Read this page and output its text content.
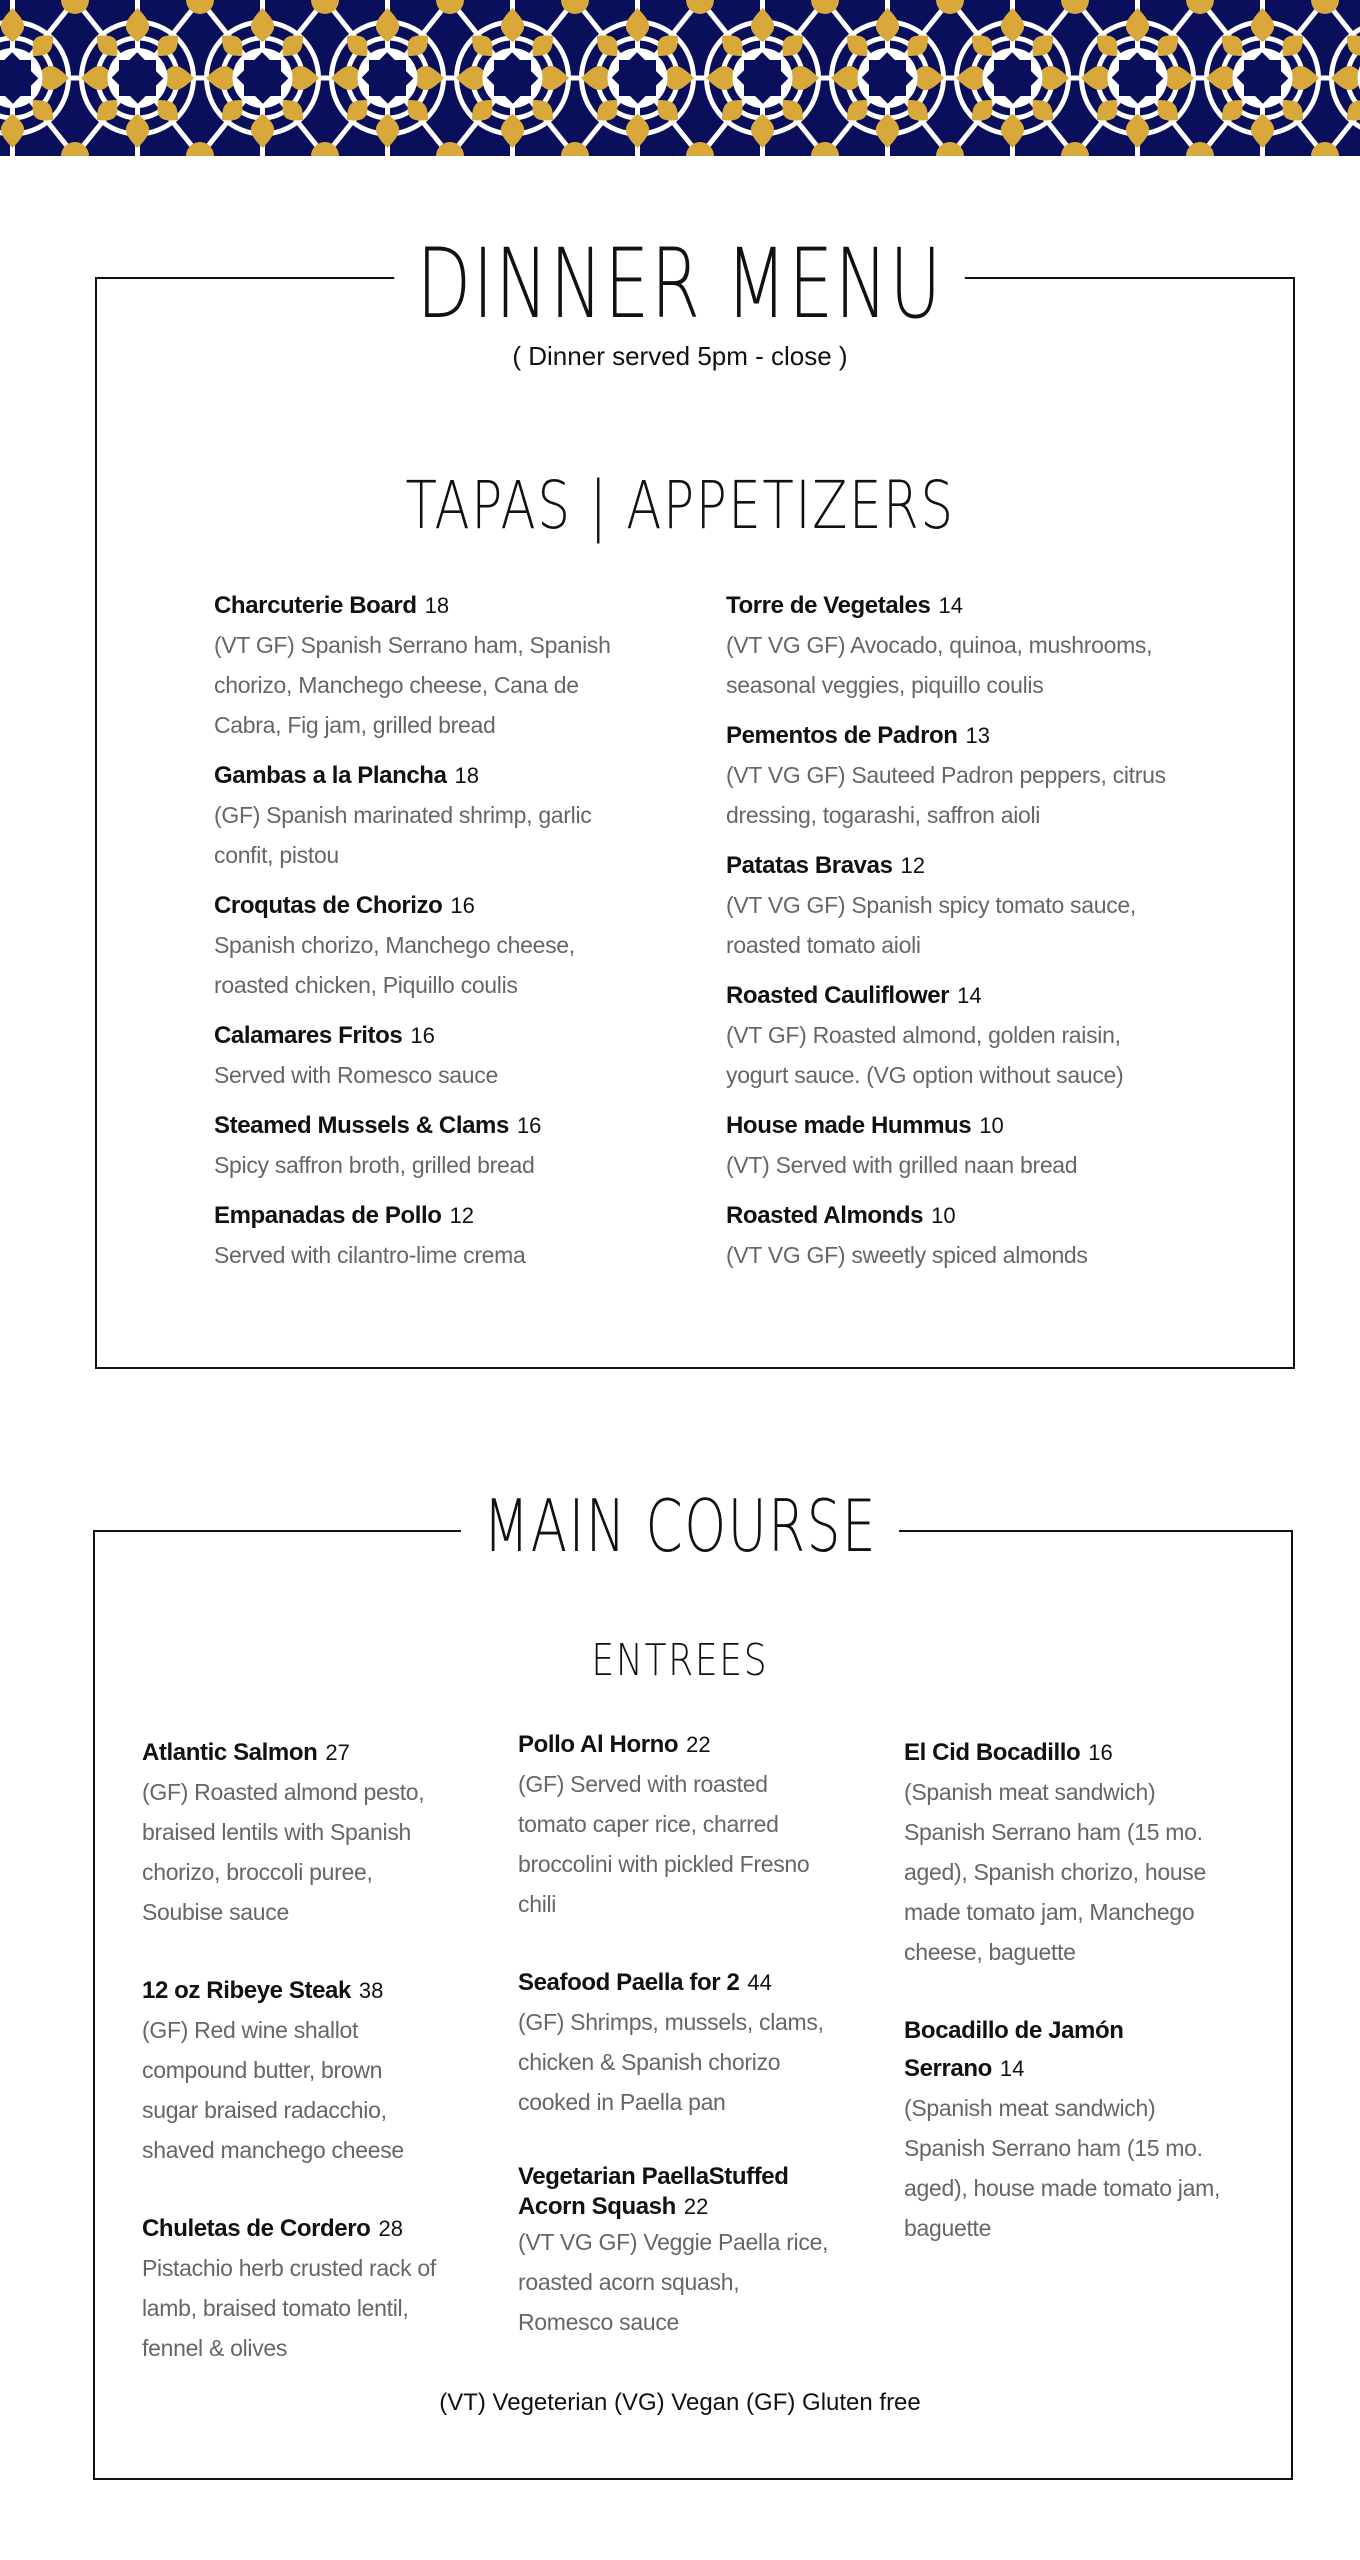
DINNER MENU
( Dinner served 5pm - close )
TAPAS | APPETIZERS
Charcuterie Board 18
(VT GF) Spanish Serrano ham, Spanish chorizo, Manchego cheese, Cana de Cabra, Fig jam, grilled bread
Gambas a la Plancha 18
(GF) Spanish marinated shrimp, garlic confit, pistou
Croqutas de Chorizo 16
Spanish chorizo, Manchego cheese, roasted chicken, Piquillo coulis
Calamares Fritos 16
Served with Romesco sauce
Steamed Mussels & Clams 16
Spicy saffron broth, grilled bread
Empanadas de Pollo 12
Served with cilantro-lime crema
Torre de Vegetales 14
(VT VG GF) Avocado, quinoa, mushrooms, seasonal veggies, piquillo coulis
Pementos de Padron 13
(VT VG GF) Sauteed Padron peppers, citrus dressing, togarashi, saffron aioli
Patatas Bravas 12
(VT VG GF) Spanish spicy tomato sauce, roasted tomato aioli
Roasted Cauliflower 14
(VT GF) Roasted almond, golden raisin, yogurt sauce. (VG option without sauce)
House made Hummus 10
(VT) Served with grilled naan bread
Roasted Almonds 10
(VT VG GF) sweetly spiced almonds
MAIN COURSE
ENTREES
Atlantic Salmon 27
(GF) Roasted almond pesto, braised lentils with Spanish chorizo, broccoli puree, Soubise sauce
12 oz Ribeye Steak 38
(GF) Red wine shallot compound butter, brown sugar braised radacchio, shaved manchego cheese
Chuletas de Cordero 28
Pistachio herb crusted rack of lamb, braised tomato lentil, fennel & olives
Pollo Al Horno 22
(GF) Served with roasted tomato caper rice, charred broccolini with pickled Fresno chili
Seafood Paella for 2 44
(GF) Shrimps, mussels, clams, chicken & Spanish chorizo cooked in Paella pan
Vegetarian PaellaStuffed Acorn Squash 22
(VT VG GF) Veggie Paella rice, roasted acorn squash, Romesco sauce
El Cid Bocadillo 16
(Spanish meat sandwich) Spanish Serrano ham (15 mo. aged), Spanish chorizo, house made tomato jam, Manchego cheese, baguette
Bocadillo de Jamón Serrano 14
(Spanish meat sandwich) Spanish Serrano ham (15 mo. aged), house made tomato jam, baguette
(VT) Vegeterian (VG) Vegan (GF) Gluten free
